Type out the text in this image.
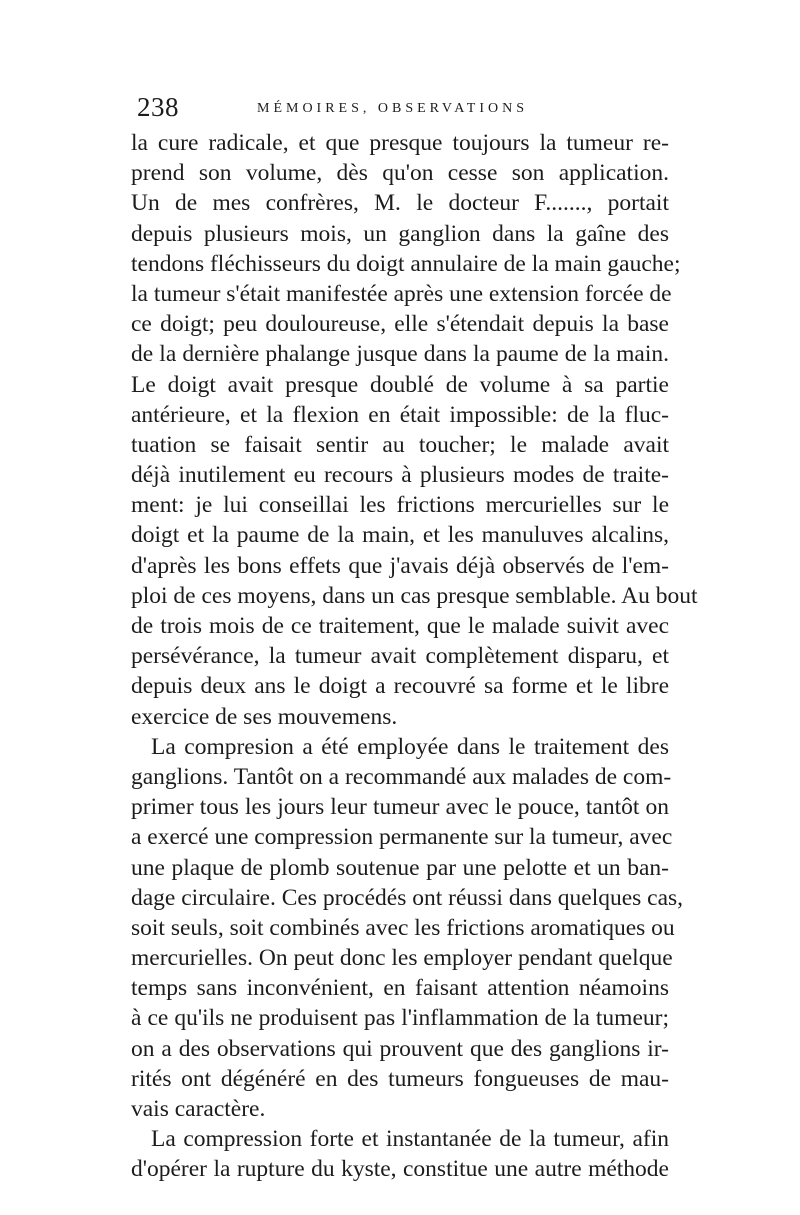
238	MÉMOIRES, OBSERVATIONS

la cure radicale, et que presque toujours la tumeur re-
prend son volume, dès qu'on cesse son application.
Un de mes confrères, M. le docteur F......., portait
depuis plusieurs mois, un ganglion dans la gaîne des
tendons fléchisseurs du doigt annulaire de la main gauche;
la tumeur s'était manifestée après une extension forcée de
ce doigt; peu douloureuse, elle s'étendait depuis la base
de la dernière phalange jusque dans la paume de la main.
Le doigt avait presque doublé de volume à sa partie
antérieure, et la flexion en était impossible: de la fluc-
tuation se faisait sentir au toucher; le malade avait
déjà inutilement eu recours à plusieurs modes de traite-
ment: je lui conseillai les frictions mercurielles sur le
doigt et la paume de la main, et les manuluves alcalins,
d'après les bons effets que j'avais déjà observés de l'em-
ploi de ces moyens, dans un cas presque semblable. Au bout
de trois mois de ce traitement, que le malade suivit avec
persévérance, la tumeur avait complètement disparu, et
depuis deux ans le doigt a recouvré sa forme et le libre
exercice de ses mouvemens.

La compresion a été employée dans le traitement des
ganglions. Tantôt on a recommandé aux malades de com-
primer tous les jours leur tumeur avec le pouce, tantôt on
a exercé une compression permanente sur la tumeur, avec
une plaque de plomb soutenue par une pelotte et un ban-
dage circulaire. Ces procédés ont réussi dans quelques cas,
soit seuls, soit combinés avec les frictions aromatiques ou
mercurielles. On peut donc les employer pendant quelque
temps sans inconvénient, en faisant attention néamoins
à ce qu'ils ne produisent pas l'inflammation de la tumeur;
on a des observations qui prouvent que des ganglions ir-
rités ont dégénéré en des tumeurs fongueuses de mau-
vais caractère.

La compression forte et instantanée de la tumeur, afin
d'opérer la rupture du kyste, constitue une autre méthode
